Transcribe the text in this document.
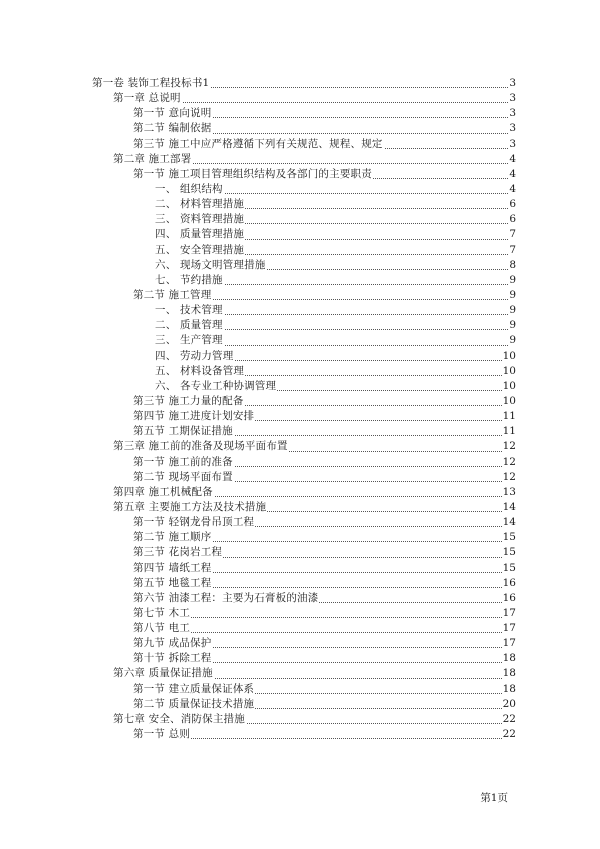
第一卷 装饰工程投标书1	3
第一章 总说明	3
第一节 意向说明	3
第二节 编制依据	3
第三节 施工中应严格遵循下列有关规范、规程、规定	3
第二章 施工部署	4
第一节 施工项目管理组织结构及各部门的主要职责	4
一、 组织结构	4
二、 材料管理措施	6
三、 资料管理措施	6
四、 质量管理措施	7
五、 安全管理措施	7
六、 现场文明管理措施	8
七、 节约措施	9
第二节 施工管理	9
一、 技术管理	9
二、 质量管理	9
三、 生产管理	9
四、 劳动力管理	10
五、 材料设备管理	10
六、 各专业工种协调管理	10
第三节 施工力量的配备	10
第四节 施工进度计划安排	11
第五节 工期保证措施	11
第三章 施工前的准备及现场平面布置	12
第一节 施工前的准备	12
第二节 现场平面布置	12
第四章 施工机械配备	13
第五章 主要施工方法及技术措施	14
第一节 轻钢龙骨吊顶工程	14
第二节 施工顺序	15
第三节 花岗岩工程	15
第四节 墙纸工程	15
第五节 地毯工程	16
第六节 油漆工程：主要为石膏板的油漆	16
第七节 木工	17
第八节 电工	17
第九节 成品保护	17
第十节 拆除工程	18
第六章 质量保证措施	18
第一节 建立质量保证体系	18
第二节 质量保证技术措施	20
第七章 安全、消防保主措施	22
第一节 总则	22
第1页
